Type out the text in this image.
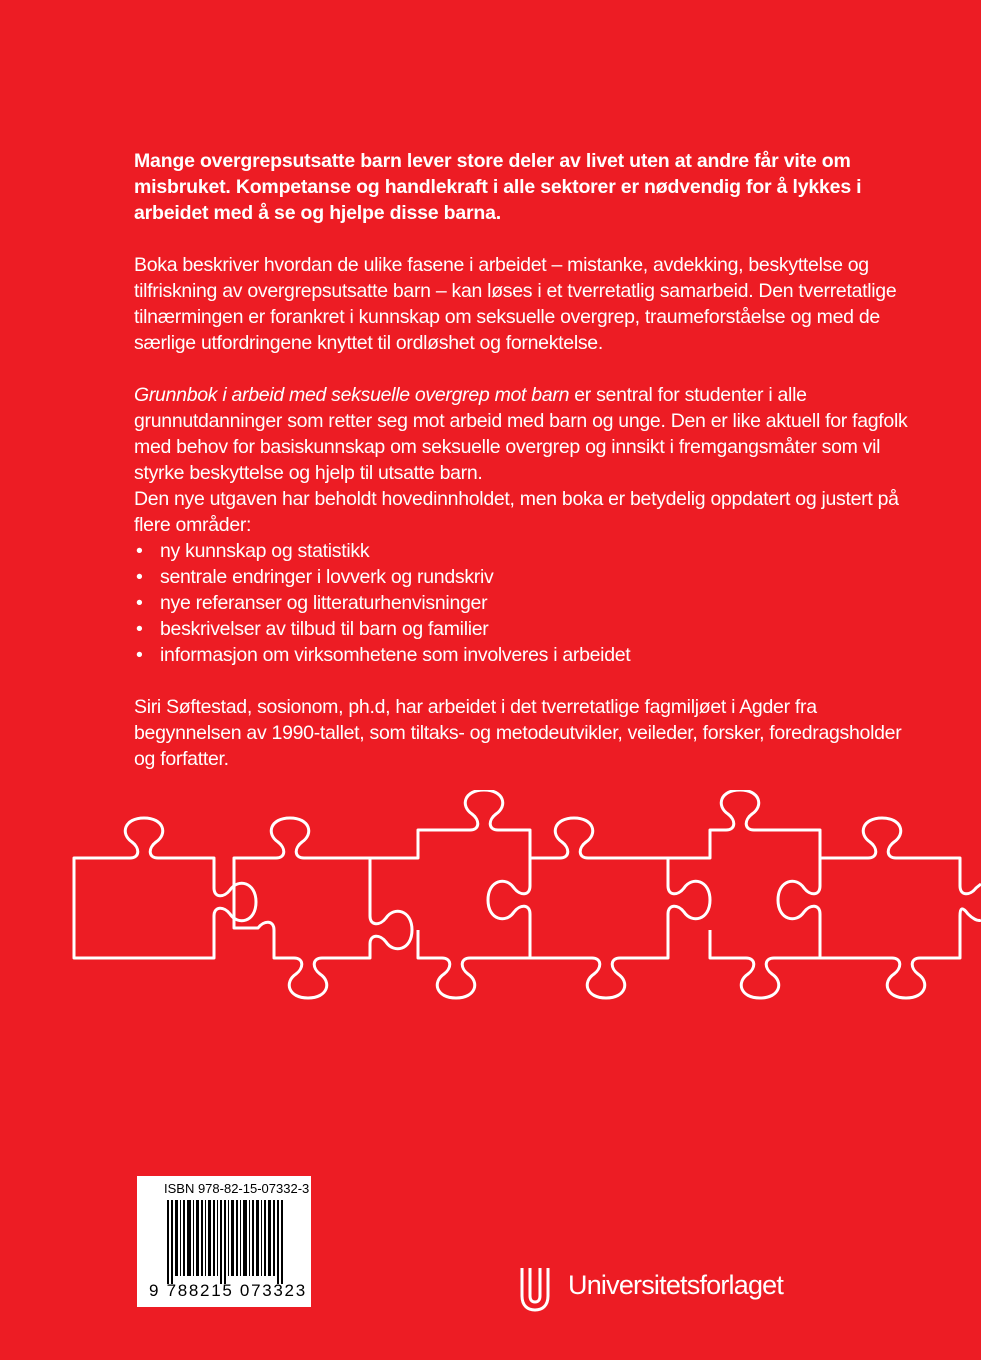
Mange overgrepsutsatte barn lever store deler av livet uten at andre får vite om misbruket. Kompetanse og handlekraft i alle sektorer er nødvendig for å lykkes i arbeidet med å se og hjelpe disse barna.

Boka beskriver hvordan de ulike fasene i arbeidet – mistanke, avdekking, beskyttelse og tilfriskning av overgrepsutsatte barn – kan løses i et tverretatlig samarbeid. Den tverretatlige tilnærmingen er forankret i kunnskap om seksuelle overgrep, traumeforståelse og med de særlige utfordringene knyttet til ordløshet og fornektelse.

Grunnbok i arbeid med seksuelle overgrep mot barn er sentral for studenter i alle grunnutdanninger som retter seg mot arbeid med barn og unge. Den er like aktuell for fagfolk med behov for basiskunnskap om seksuelle overgrep og innsikt i fremgangsmåter som vil styrke beskyttelse og hjelp til utsatte barn.

Den nye utgaven har beholdt hovedinnholdet, men boka er betydelig oppdatert og justert på flere områder:

• ny kunnskap og statistikk
• sentrale endringer i lovverk og rundskriv
• nye referanser og litteraturhenvisninger
• beskrivelser av tilbud til barn og familier
• informasjon om virksomhetene som involveres i arbeidet

Siri Søftestad, sosionom, ph.d, har arbeidet i det tverretatlige fagmiljøet i Agder fra begynnelsen av 1990-tallet, som tiltaks- og metodeutvikler, veileder, forsker, foredragsholder og forfatter.

ISBN 978-82-15-07332-3
9 788215 073323	Universitetsforlaget
